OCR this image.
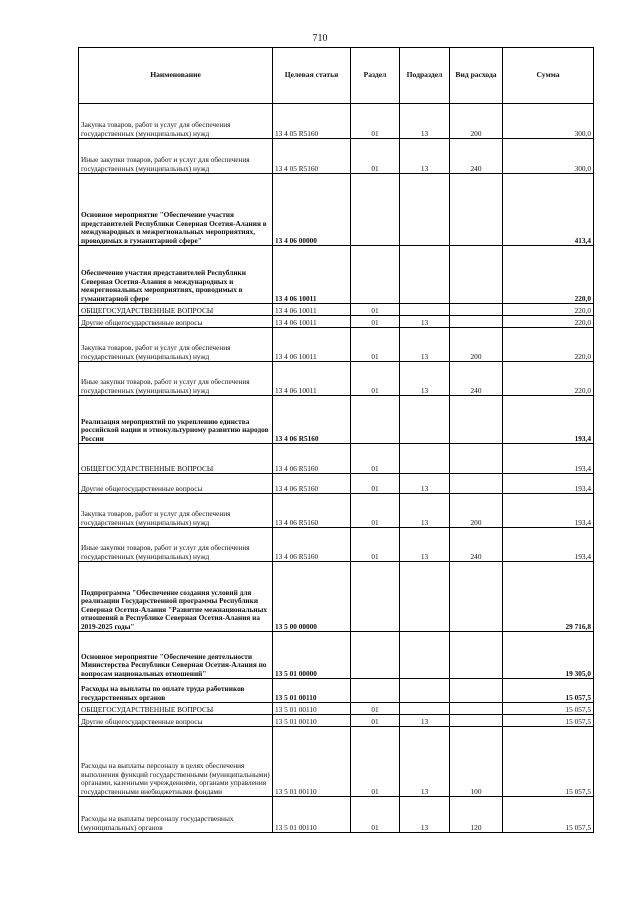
710
Наименование	Целевая статья	Раздел	Подраздел	Вид расхода	Сумма
Закупка товаров, работ и услуг для обеспечения государственных (муниципальных) нужд	13 4 05 R5160	01	13	200	300,0
Иные закупки товаров, работ и услуг для обеспечения государственных (муниципальных) нужд	13 4 05 R5160	01	13	240	300,0
Основное мероприятие "Обеспечение участия представителей Республики Северная Осетия-Алания в международных и межрегиональных мероприятиях, проводимых в гуманитарной сфере"	13 4 06 00000				413,4
Обеспечение участия представителей Республики Северная Осетия-Алания в международных и межрегиональных мероприятиях, проводимых в гуманитарной сфере	13 4 06 10011				220,0
ОБЩЕГОСУДАРСТВЕННЫЕ ВОПРОСЫ	13 4 06 10011	01			220,0
Другие общегосударственные вопросы	13 4 06 10011	01	13		220,0
Закупка товаров, работ и услуг для обеспечения государственных (муниципальных) нужд	13 4 06 10011	01	13	200	220,0
Иные закупки товаров, работ и услуг для обеспечения государственных (муниципальных) нужд	13 4 06 10011	01	13	240	220,0
Реализация мероприятий по укреплению единства российской нации и этнокультурному развитию народов России	13 4 06 R5160				193,4
ОБЩЕГОСУДАРСТВЕННЫЕ ВОПРОСЫ	13 4 06 R5160	01			193,4
Другие общегосударственные вопросы	13 4 06 R5160	01	13		193,4
Закупка товаров, работ и услуг для обеспечения государственных (муниципальных) нужд	13 4 06 R5160	01	13	200	193,4
Иные закупки товаров, работ и услуг для обеспечения государственных (муниципальных) нужд	13 4 06 R5160	01	13	240	193,4
Подпрограмма "Обеспечение создания условий для реализации Государственной программы Республики Северная Осетия-Алания "Развитие межнациональных отношений в Республике Северная Осетия-Алания на 2019-2025 годы"	13 5 00 00000				29 716,8
Основное мероприятие "Обеспечение деятельности Министерства Республики Северная Осетия-Алания по вопросам национальных отношений"	13 5 01 00000				19 305,0
Расходы на выплаты по оплате труда работников государственных органов	13 5 01 00110				15 057,5
ОБЩЕГОСУДАРСТВЕННЫЕ ВОПРОСЫ	13 5 01 00110	01			15 057,5
Другие общегосударственные вопросы	13 5 01 00110	01	13		15 057,5
Расходы на выплаты персоналу в целях обеспечения выполнения функций государственными (муниципальными) органами, казенными учреждениями, органами управления государственными внебюджетными фондами	13 5 01 00110	01	13	100	15 057,5
Расходы на выплаты персоналу государственных (муниципальных) органов	13 5 01 00110	01	13	120	15 057,5
